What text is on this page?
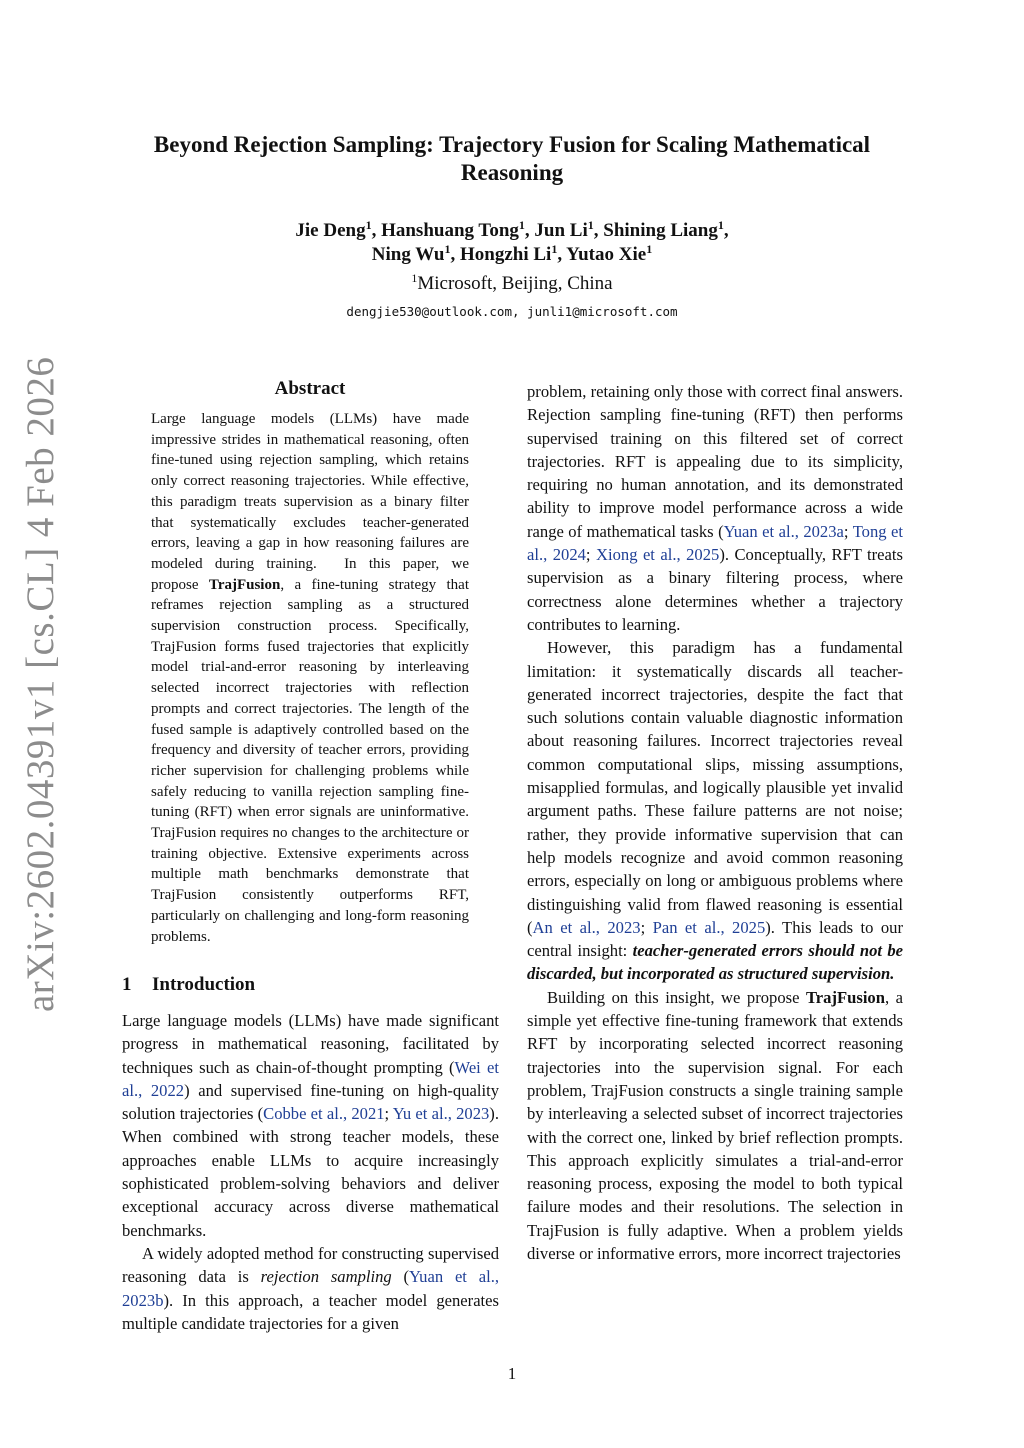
arXiv:2602.04391v1 [cs.CL] 4 Feb 2026
Beyond Rejection Sampling: Trajectory Fusion for Scaling Mathematical
Reasoning
Jie Deng$^1$, Hanshuang Tong$^1$, Jun Li$^1$, Shining Liang$^1$,
Ning Wu$^1$, Hongzhi Li$^1$, Yutao Xie$^1$
$^1$Microsoft, Beijing, China
dengjie530@outlook.com, junli1@microsoft.com
Abstract
Large language models (LLMs) have made impressive strides in mathematical reasoning, often fine-tuned using rejection sampling, which retains only correct reasoning trajectories. While effective, this paradigm treats supervision as a binary filter that systematically excludes teacher-generated errors, leaving a gap in how reasoning failures are modeled during training.  In this paper, we propose TrajFusion, a fine-tuning strategy that reframes rejection sampling as a structured supervision construction process. Specifically, TrajFusion forms fused trajectories that explicitly model trial-and-error reasoning by interleaving selected incorrect trajectories with reflection prompts and correct trajectories. The length of the fused sample is adaptively controlled based on the frequency and diversity of teacher errors, providing richer supervision for challenging problems while safely reducing to vanilla rejection sampling fine-tuning (RFT) when error signals are uninformative. TrajFusion requires no changes to the architecture or training objective. Extensive experiments across multiple math benchmarks demonstrate that TrajFusion consistently outperforms RFT, particularly on challenging and long-form reasoning problems.
1 Introduction

Large language models (LLMs) have made significant progress in mathematical reasoning, facilitated by techniques such as chain-of-thought prompting (Wei et al., 2022) and supervised fine-tuning on high-quality solution trajectories (Cobbe et al., 2021; Yu et al., 2023). When combined with strong teacher models, these approaches enable LLMs to acquire increasingly sophisticated problem-solving behaviors and deliver exceptional accuracy across diverse mathematical benchmarks.

A widely adopted method for constructing supervised reasoning data is rejection sampling (Yuan et al., 2023b). In this approach, a teacher model generates multiple candidate trajectories for a given

problem, retaining only those with correct final answers. Rejection sampling fine-tuning (RFT) then performs supervised training on this filtered set of correct trajectories. RFT is appealing due to its simplicity, requiring no human annotation, and its demonstrated ability to improve model performance across a wide range of mathematical tasks (Yuan et al., 2023a; Tong et al., 2024; Xiong et al., 2025). Conceptually, RFT treats supervision as a binary filtering process, where correctness alone determines whether a trajectory contributes to learning.

However, this paradigm has a fundamental limitation: it systematically discards all teacher-generated incorrect trajectories, despite the fact that such solutions contain valuable diagnostic information about reasoning failures. Incorrect trajectories reveal common computational slips, missing assumptions, misapplied formulas, and logically plausible yet invalid argument paths. These failure patterns are not noise; rather, they provide informative supervision that can help models recognize and avoid common reasoning errors, especially on long or ambiguous problems where distinguishing valid from flawed reasoning is essential (An et al., 2023; Pan et al., 2025). This leads to our central insight: teacher-generated errors should not be discarded, but incorporated as structured supervision.

Building on this insight, we propose TrajFusion, a simple yet effective fine-tuning framework that extends RFT by incorporating selected incorrect reasoning trajectories into the supervision signal. For each problem, TrajFusion constructs a single training sample by interleaving a selected subset of incorrect trajectories with the correct one, linked by brief reflection prompts. This approach explicitly simulates a trial-and-error reasoning process, exposing the model to both typical failure modes and their resolutions. The selection in TrajFusion is fully adaptive. When a problem yields diverse or informative errors, more incorrect trajectories

1
